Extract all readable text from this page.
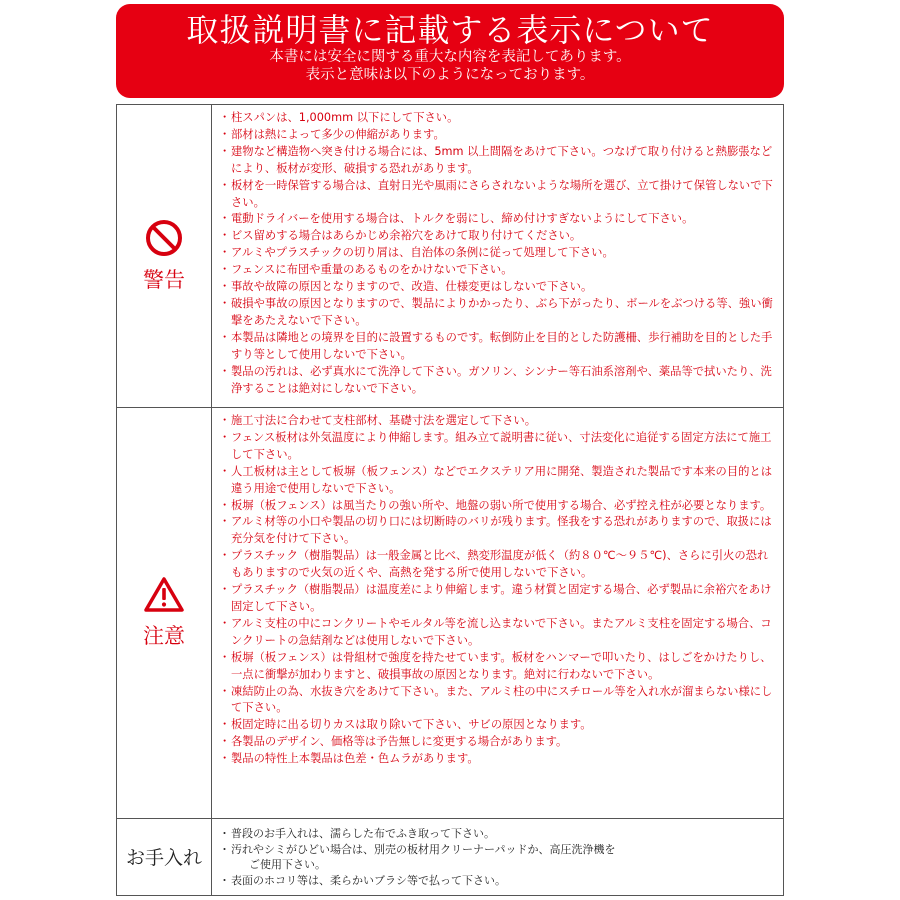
取扱説明書に記載する表示について
本書には安全に関する重大な内容を表記してあります。
表示と意味は以下のようになっております。
警告
・ 柱スパンは、1,000mm 以下にして下さい。
・ 部材は熱によって多少の伸縮があります。
・ 建物など構造物へ突き付ける場合には、5mm 以上間隔をあけて下さい。つなげて取り付けると熱膨張などにより、板材が変形、破損する恐れがあります。
・ 板材を一時保管する場合は、直射日光や風雨にさらされないような場所を選び、立て掛けて保管しないで下さい。
・ 電動ドライバーを使用する場合は、トルクを弱にし、締め付けすぎないようにして下さい。
・ ビス留めする場合はあらかじめ余裕穴をあけて取り付けてください。
・ アルミやプラスチックの切り屑は、自治体の条例に従って処理して下さい。
・ フェンスに布団や重量のあるものをかけないで下さい。
・ 事故や故障の原因となりますので、改造、仕様変更はしないで下さい。
・ 破損や事故の原因となりますので、製品によりかかったり、ぶら下がったり、ボールをぶつける等、強い衝撃をあたえないで下さい。
・ 本製品は隣地との境界を目的に設置するものです。転倒防止を目的とした防護柵、歩行補助を目的とした手すり等として使用しないで下さい。
・ 製品の汚れは、必ず真水にて洗浄して下さい。ガソリン、シンナー等石油系溶剤や、薬品等で拭いたり、洗浄することは絶対にしないで下さい。
注意
・ 施工寸法に合わせて支柱部材、基礎寸法を選定して下さい。
・ フェンス板材は外気温度により伸縮します。組み立て説明書に従い、寸法変化に追従する固定方法にて施工して下さい。
・ 人工板材は主として板塀（板フェンス）などでエクステリア用に開発、製造された製品です本来の目的とは違う用途で使用しないで下さい。
・ 板塀（板フェンス）は風当たりの強い所や、地盤の弱い所で使用する場合、必ず控え柱が必要となります。
・ アルミ材等の小口や製品の切り口には切断時のバリが残ります。怪我をする恐れがありますので、取扱には充分気を付けて下さい。
・ プラスチック（樹脂製品）は一般金属と比べ、熱変形温度が低く（約８０℃〜９５℃)、さらに引火の恐れもありますので火気の近くや、高熱を発する所で使用しないで下さい。
・ プラスチック（樹脂製品）は温度差により伸縮します。違う材質と固定する場合、必ず製品に余裕穴をあけ固定して下さい。
・ アルミ支柱の中にコンクリートやモルタル等を流し込まないで下さい。またアルミ支柱を固定する場合、コンクリートの急結剤などは使用しないで下さい。
・ 板塀（板フェンス）は骨組材で強度を持たせています。板材をハンマーで叩いたり、はしごをかけたりし、一点に衝撃が加わりますと、破損事故の原因となります。絶対に行わないで下さい。
・ 凍結防止の為、水抜き穴をあけて下さい。また、アルミ柱の中にスチロール等を入れ水が溜まらない様にして下さい。
・ 板固定時に出る切りカスは取り除いて下さい、サビの原因となります。
・ 各製品のデザイン、価格等は予告無しに変更する場合があります。
・ 製品の特性上本製品は色差・色ムラがあります。
お手入れ
・ 普段のお手入れは、濡らした布でふき取って下さい。
・ 汚れやシミがひどい場合は、別売の板材用クリーナーパッドか、高圧洗浄機を
ご使用下さい。
・ 表面のホコリ等は、柔らかいブラシ等で払って下さい。
